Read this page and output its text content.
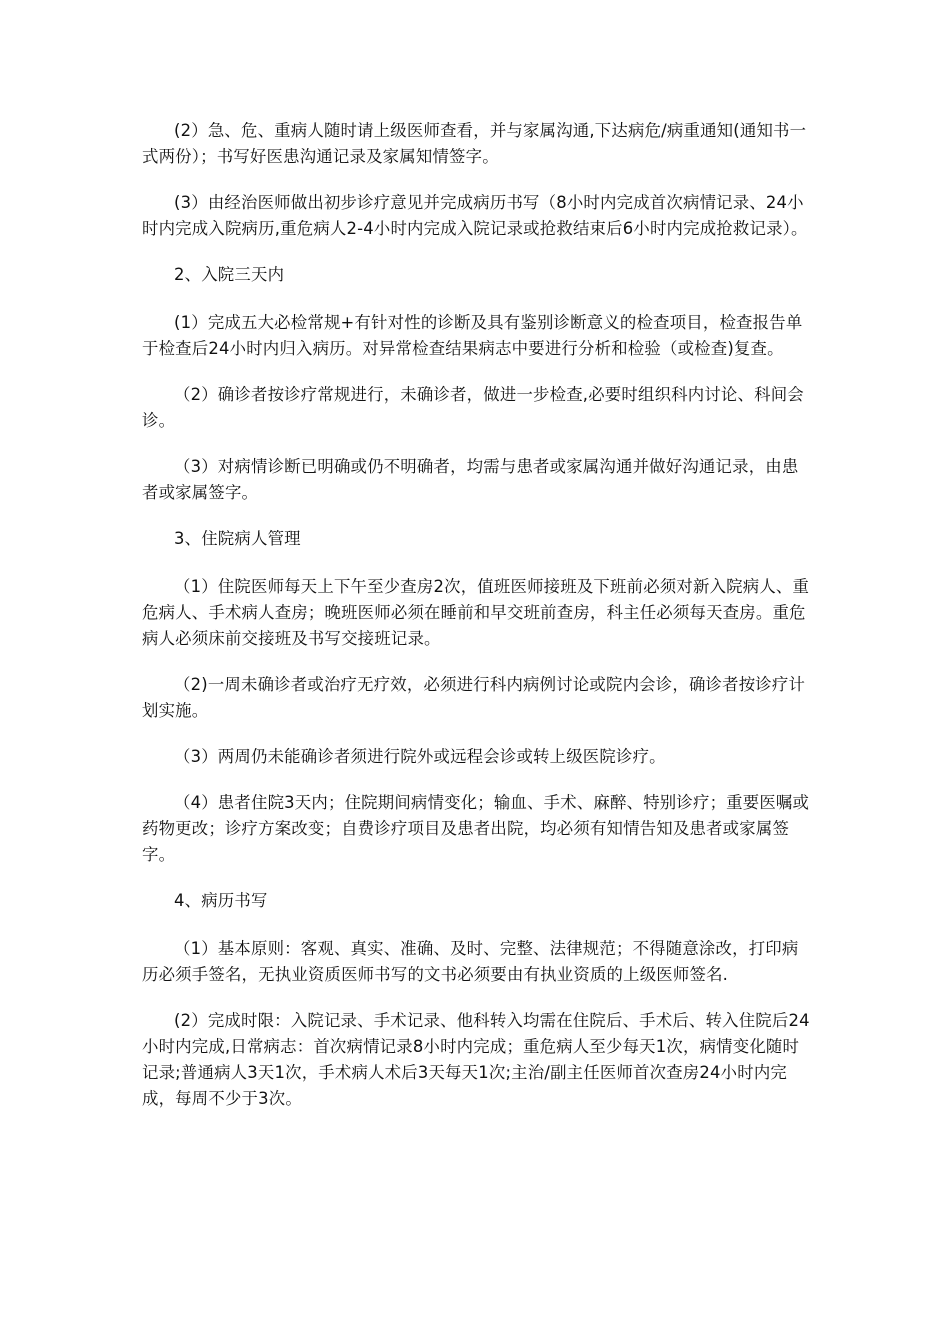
(2）急、危、重病人随时请上级医师查看，并与家属沟通,下达病危/病重通知(通知书一式两份）；书写好医患沟通记录及家属知情签字。

(3）由经治医师做出初步诊疗意见并完成病历书写（8小时内完成首次病情记录、24小时内完成入院病历,重危病人2-4小时内完成入院记录或抢救结束后6小时内完成抢救记录）。

2、入院三天内

(1）完成五大必检常规+有针对性的诊断及具有鉴别诊断意义的检查项目，检查报告单于检查后24小时内归入病历。对异常检查结果病志中要进行分析和检验（或检查)复查。

（2）确诊者按诊疗常规进行，未确诊者，做进一步检查,必要时组织科内讨论、科间会诊。

（3）对病情诊断已明确或仍不明确者，均需与患者或家属沟通并做好沟通记录，由患者或家属签字。

3、住院病人管理

（1）住院医师每天上下午至少查房2次，值班医师接班及下班前必须对新入院病人、重危病人、手术病人查房；晚班医师必须在睡前和早交班前查房，科主任必须每天查房。重危病人必须床前交接班及书写交接班记录。

（2)一周未确诊者或治疗无疗效，必须进行科内病例讨论或院内会诊，确诊者按诊疗计划实施。

（3）两周仍未能确诊者须进行院外或远程会诊或转上级医院诊疗。

（4）患者住院3天内；住院期间病情变化；输血、手术、麻醉、特别诊疗；重要医嘱或药物更改；诊疗方案改变；自费诊疗项目及患者出院，均必须有知情告知及患者或家属签字。

4、病历书写

（1）基本原则：客观、真实、准确、及时、完整、法律规范；不得随意涂改，打印病历必须手签名，无执业资质医师书写的文书必须要由有执业资质的上级医师签名.

(2）完成时限：入院记录、手术记录、他科转入均需在住院后、手术后、转入住院后24小时内完成,日常病志：首次病情记录8小时内完成；重危病人至少每天1次，病情变化随时记录;普通病人3天1次，手术病人术后3天每天1次;主治/副主任医师首次查房24小时内完成，每周不少于3次。
